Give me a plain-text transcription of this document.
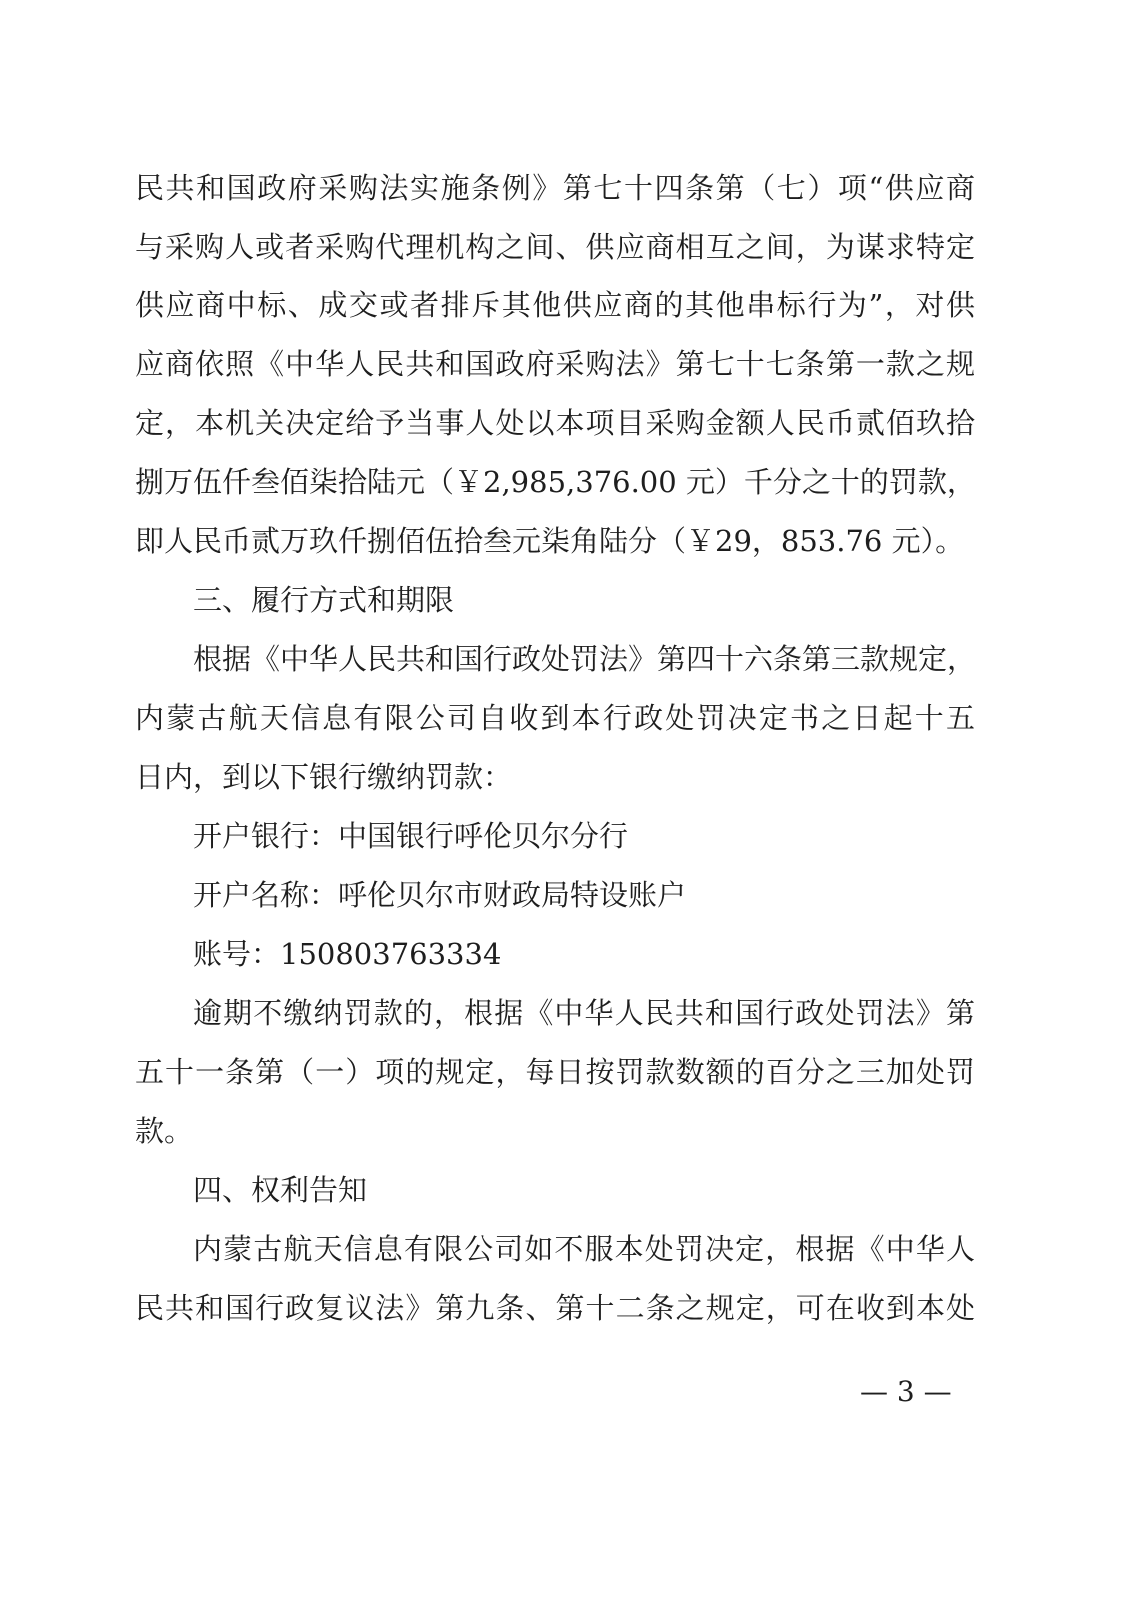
民共和国政府采购法实施条例》第七十四条第（七）项“供应商
与采购人或者采购代理机构之间、供应商相互之间，为谋求特定
供应商中标、成交或者排斥其他供应商的其他串标行为”，对供
应商依照《中华人民共和国政府采购法》第七十七条第一款之规
定，本机关决定给予当事人处以本项目采购金额人民币贰佰玖拾
捌万伍仟叁佰柒拾陆元（￥2,985,376.00 元）千分之十的罚款，
即人民币贰万玖仟捌佰伍拾叁元柒角陆分（￥29，853.76 元）。
三、履行方式和期限
根据《中华人民共和国行政处罚法》第四十六条第三款规定，
内蒙古航天信息有限公司自收到本行政处罚决定书之日起十五
日内，到以下银行缴纳罚款：
开户银行：中国银行呼伦贝尔分行
开户名称：呼伦贝尔市财政局特设账户
账号：150803763334
逾期不缴纳罚款的，根据《中华人民共和国行政处罚法》第
五十一条第（一）项的规定，每日按罚款数额的百分之三加处罚
款。
四、权利告知
内蒙古航天信息有限公司如不服本处罚决定，根据《中华人
民共和国行政复议法》第九条、第十二条之规定，可在收到本处
— 3 —
